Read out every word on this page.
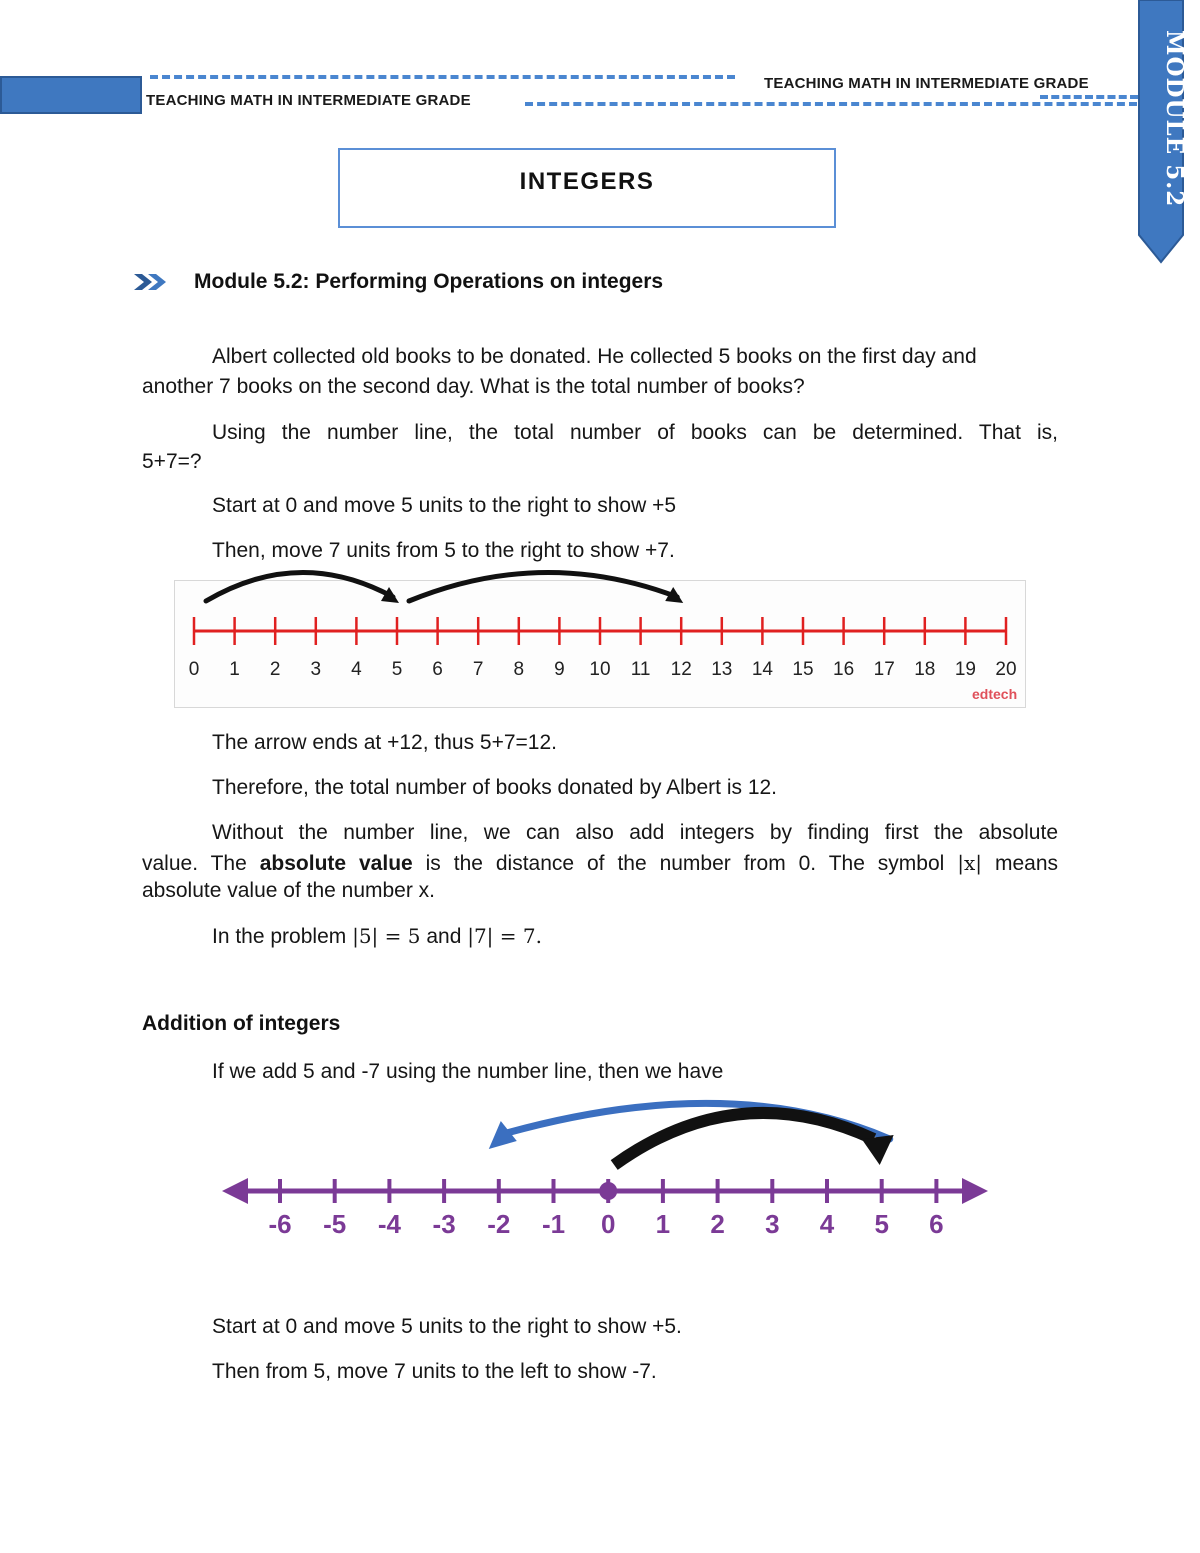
TEACHING MATH IN INTERMEDIATE GRADE
TEACHING MATH IN INTERMEDIATE GRADE	MODULE 5.2
INTEGERS
Module 5.2: Performing Operations on integers
Albert collected old books to be donated. He collected 5 books on the first day and
another 7 books on the second day. What is the total number of books?
Using the number line, the total number of books can be determined. That is,
5+7=?
Start at 0 and move 5 units to the right to show +5
Then, move 7 units from 5 to the right to show +7.
0 1 2 3 4 5 6 7 8 9 10 11 12 13 14 15 16 17 18 19 20
edtech
The arrow ends at +12, thus 5+7=12.
Therefore, the total number of books donated by Albert is 12.
Without the number line, we can also add integers by finding first the absolute
value. The absolute value is the distance of the number from 0. The symbol |x| means
absolute value of the number x.
In the problem |5| = 5 and |7| = 7.
Addition of integers
If we add 5 and -7 using the number line, then we have
-6 -5 -4 -3 -2 -1 0 1 2 3 4 5 6
Start at 0 and move 5 units to the right to show +5.
Then from 5, move 7 units to the left to show -7.
